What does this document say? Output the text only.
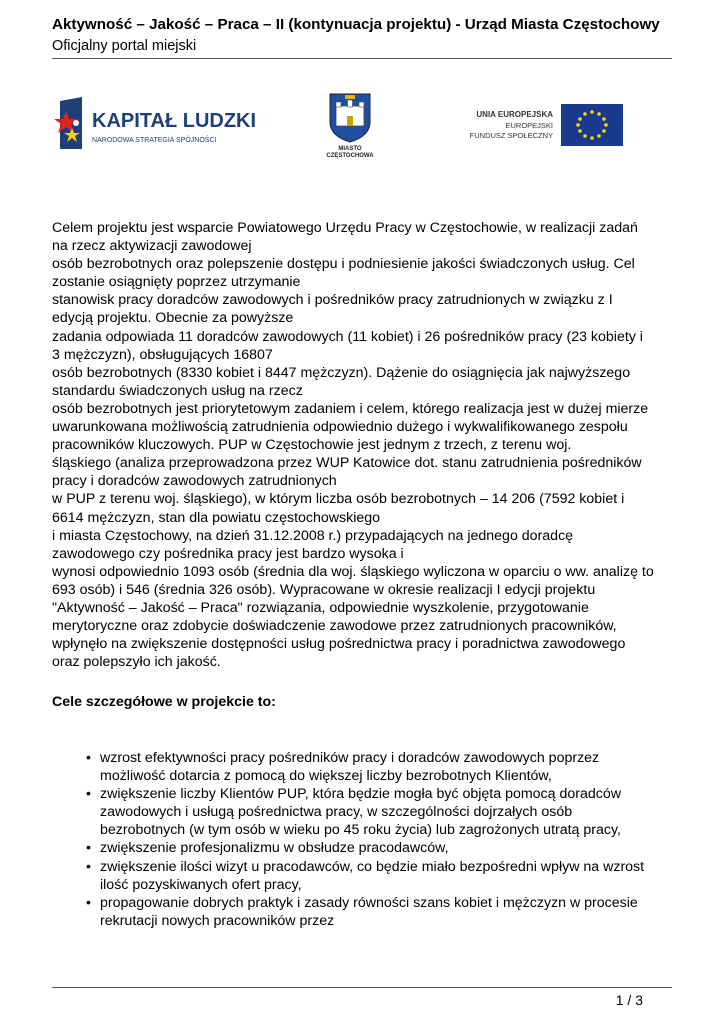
Aktywność – Jakość – Praca – II (kontynuacja projektu) - Urząd Miasta Częstochowy
Oficjalny portal miejski
KAPITAŁ LUDZKI
NARODOWA STRATEGIA SPÓJNOŚCI
MIASTO
CZĘSTOCHOWA
UNIA EUROPEJSKA
EUROPEJSKI
FUNDUSZ SPOŁECZNY

Celem projektu jest wsparcie Powiatowego Urzędu Pracy w Częstochowie, w realizacji zadań

na rzecz aktywizacji zawodowej

osób bezrobotnych oraz polepszenie dostępu i podniesienie jakości świadczonych usług. Cel

zostanie osiągnięty poprzez utrzymanie

stanowisk pracy doradców zawodowych i pośredników pracy zatrudnionych w związku z I

edycją projektu. Obecnie za powyższe

zadania odpowiada 11 doradców zawodowych (11 kobiet) i 26 pośredników pracy (23 kobiety i

3 mężczyzn), obsługujących 16807

osób bezrobotnych (8330 kobiet i 8447 mężczyzn). Dążenie do osiągnięcia jak najwyższego

standardu świadczonych usług na rzecz

osób bezrobotnych jest priorytetowym zadaniem i celem, którego realizacja jest w dużej mierze

uwarunkowana możliwością zatrudnienia odpowiednio dużego i wykwalifikowanego zespołu

pracowników kluczowych. PUP w Częstochowie jest jednym z trzech, z terenu woj.

śląskiego (analiza przeprowadzona przez WUP Katowice dot. stanu zatrudnienia pośredników

pracy i doradców zawodowych zatrudnionych

w PUP z terenu woj. śląskiego), w którym liczba osób bezrobotnych – 14 206 (7592 kobiet i

6614 mężczyzn, stan dla powiatu częstochowskiego

i miasta Częstochowy, na dzień 31.12.2008 r.) przypadających na jednego doradcę

zawodowego czy pośrednika pracy jest bardzo wysoka i

wynosi odpowiednio 1093 osób (średnia dla woj. śląskiego wyliczona w oparciu o ww. analizę to

693 osób) i 546 (średnia 326 osób). Wypracowane w okresie realizacji I edycji projektu

"Aktywność – Jakość – Praca" rozwiązania, odpowiednie wyszkolenie, przygotowanie

merytoryczne oraz zdobycie doświadczenie zawodowe przez zatrudnionych pracowników,

wpłynęło na zwiększenie dostępności usług pośrednictwa pracy i poradnictwa zawodowego

oraz polepszyło ich jakość.

Cele szczegółowe w projekcie to:
• wzrost efektywności pracy pośredników pracy i doradców zawodowych poprzez
możliwość dotarcia z pomocą do większej liczby bezrobotnych Klientów,
• zwiększenie liczby Klientów PUP, która będzie mogła być objęta pomocą doradców
zawodowych i usługą pośrednictwa pracy, w szczególności dojrzałych osób
bezrobotnych (w tym osób w wieku po 45 roku życia) lub zagrożonych utratą pracy,
• zwiększenie profesjonalizmu w obsłudze pracodawców,
• zwiększenie ilości wizyt u pracodawców, co będzie miało bezpośredni wpływ na wzrost
ilość pozyskiwanych ofert pracy,
• propagowanie dobrych praktyk i zasady równości szans kobiet i mężczyzn w procesie
rekrutacji nowych pracowników przez
1 / 3
